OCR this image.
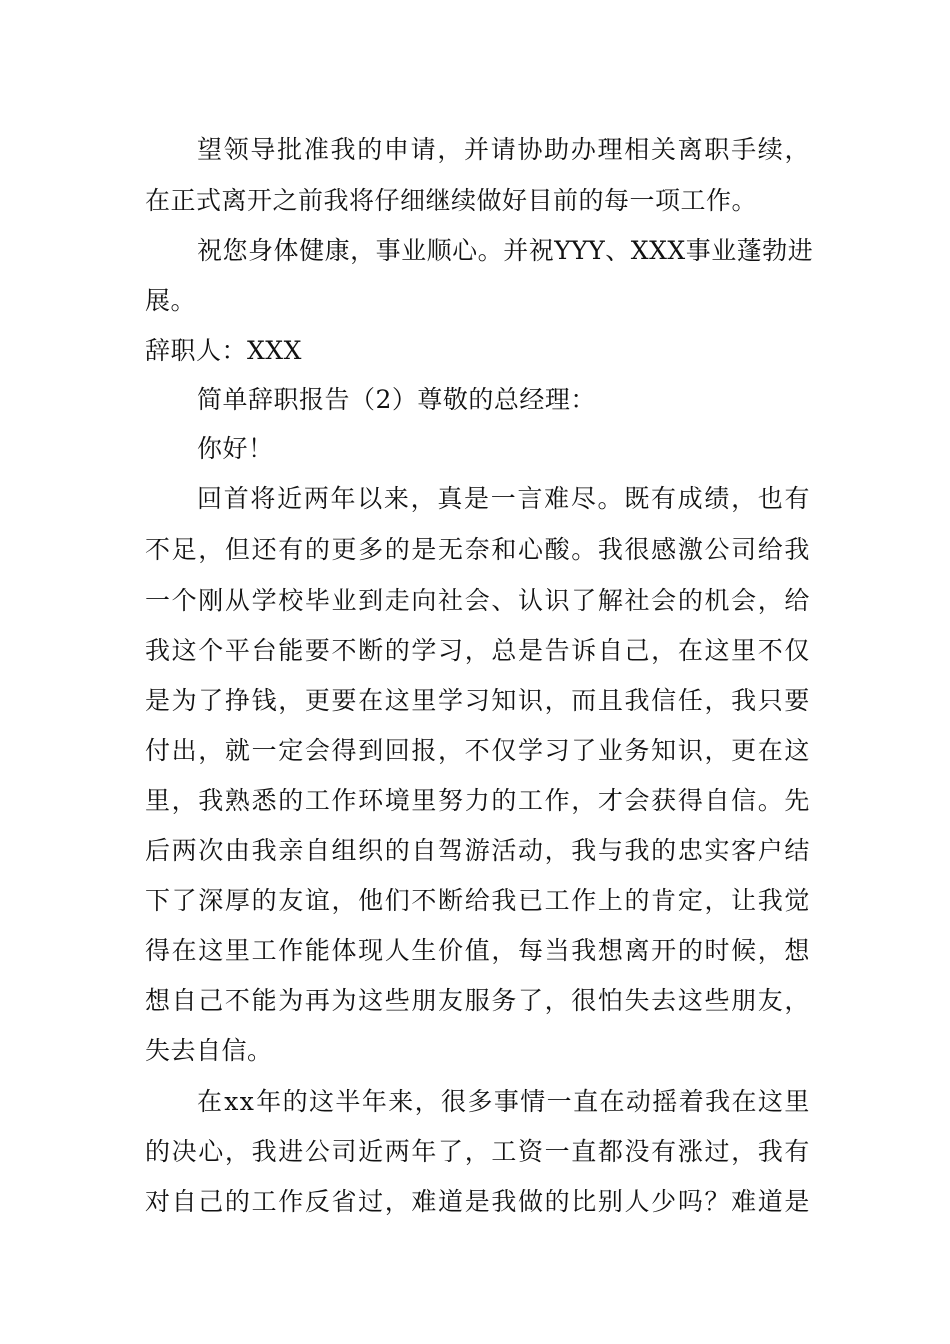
望 领 导 批 准 我 的 申 请 ， 并 请 协 助 办 理 相 关 离 职 手 续 ，
在正式离开之前我将仔细继续做好目前的每一项工作。
祝 您 身 体 健 康 ， 事 业 顺 心 。 并 祝 Y Y Y 、 X X X 事 业 蓬 勃 进
展。
辞职人：XXX
简单辞职报告（2）尊敬的总经理：
你好！
回 首 将 近 两 年 以 来 ， 真 是 一 言 难 尽 。 既 有 成 绩 ， 也 有
不 足 ， 但 还 有 的 更 多 的 是 无 奈 和 心 酸 。 我 很 感 激 公 司 给 我
一 个 刚 从 学 校 毕 业 到 走 向 社 会 、 认 识 了 解 社 会 的 机 会 ， 给
我 这 个 平 台 能 要 不 断 的 学 习 ， 总 是 告 诉 自 己 ， 在 这 里 不 仅
是 为 了 挣 钱 ， 更 要 在 这 里 学 习 知 识 ， 而 且 我 信 任 ， 我 只 要
付 出 ， 就 一 定 会 得 到 回 报 ， 不 仅 学 习 了 业 务 知 识 ， 更 在 这
里 ， 我 熟 悉 的 工 作 环 境 里 努 力 的 工 作 ， 才 会 获 得 自 信 。 先
后 两 次 由 我 亲 自 组 织 的 自 驾 游 活 动 ， 我 与 我 的 忠 实 客 户 结
下 了 深 厚 的 友 谊 ， 他 们 不 断 给 我 已 工 作 上 的 肯 定 ， 让 我 觉
得 在 这 里 工 作 能 体 现 人 生 价 值 ， 每 当 我 想 离 开 的 时 候 ， 想
想 自 己 不 能 为 再 为 这 些 朋 友 服 务 了 ， 很 怕 失 去 这 些 朋 友 ，
失去自信。
在 x x 年 的 这 半 年 来 ， 很 多 事 情 一 直 在 动 摇 着 我 在 这 里
的 决 心 ， 我 进 公 司 近 两 年 了 ， 工 资 一 直 都 没 有 涨 过 ， 我 有
对 自 己 的 工 作 反 省 过 ， 难 道 是 我 做 的 比 别 人 少 吗 ？ 难 道 是
